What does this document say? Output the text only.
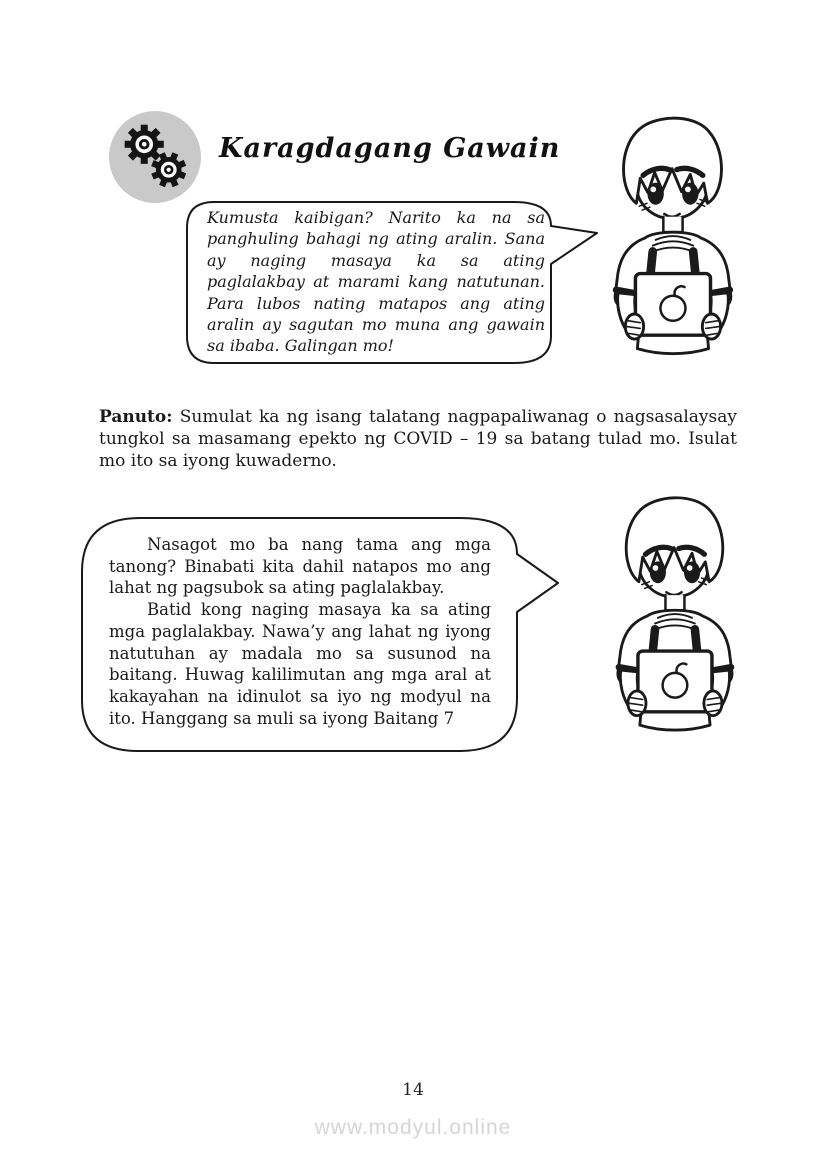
Karagdagang Gawain

Kumusta kaibigan? Narito ka na sa panghuling bahagi ng ating aralin. Sana ay naging masaya ka sa ating paglalakbay at marami kang natutunan. Para lubos nating matapos ang ating aralin ay sagutan mo muna ang gawain sa ibaba. Galingan mo!

Panuto: Sumulat ka ng isang talatang nagpapaliwanag o nagsasalaysay tungkol sa masamang epekto ng COVID – 19 sa batang tulad mo. Isulat mo ito sa iyong kuwaderno.

Nasagot mo ba nang tama ang mga tanong? Binabati kita dahil natapos mo ang lahat ng pagsubok sa ating paglalakbay.

Batid kong naging masaya ka sa ating mga paglalakbay. Nawa’y ang lahat ng iyong natutuhan ay madala mo sa susunod na baitang. Huwag kalilimutan ang mga aral at kakayahan na idinulot sa iyo ng modyul na ito. Hanggang sa muli sa iyong Baitang 7

14
www.modyul.online
